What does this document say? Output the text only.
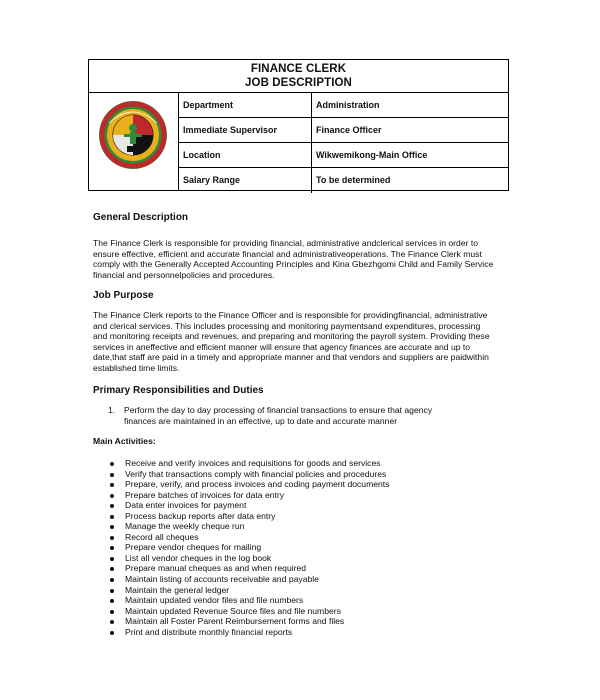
FINANCE CLERK
JOB DESCRIPTION
Department	Administration
Immediate Supervisor	Finance Officer
Location	Wikwemikong-Main Office
Salary Range	To be determined
General Description
The Finance Clerk is responsible for providing financial, administrative andclerical services in order to
ensure effective, efficient and accurate financial and administrativeoperations. The Finance Clerk must
comply with the Generally Accepted Accounting Principles and Kina Gbezhgomi Child and Family Service
financial and personnelpolicies and procedures.
Job Purpose
The Finance Clerk reports to the Finance Officer and is responsible for providingfinancial, administrative
and clerical services. This includes processing and monitoring paymentsand expenditures, processing
and monitoring receipts and revenues, and preparing and monitoring the payroll system. Providing these
services in aneffective and efficient manner will ensure that agency finances are accurate and up to
date,that staff are paid in a timely and appropriate manner and that vendors and suppliers are paidwithin
established time limits.
Primary Responsibilities and Duties
1. Perform the day to day processing of financial transactions to ensure that agency
finances are maintained in an effective, up to date and accurate manner
Main Activities:
Receive and verify invoices and requisitions for goods and services
Verify that transactions comply with financial policies and procedures
Prepare, verify, and process invoices and coding payment documents
Prepare batches of invoices for data entry
Data enter invoices for payment
Process backup reports after data entry
Manage the weekly cheque run
Record all cheques
Prepare vendor cheques for mailing
List all vendor cheques in the log book
Prepare manual cheques as and when required
Maintain listing of accounts receivable and payable
Maintain the general ledger
Maintain updated vendor files and file numbers
Maintain updated Revenue Source files and file numbers
Maintain all Foster Parent Reimbursement forms and files
Print and distribute monthly financial reports
